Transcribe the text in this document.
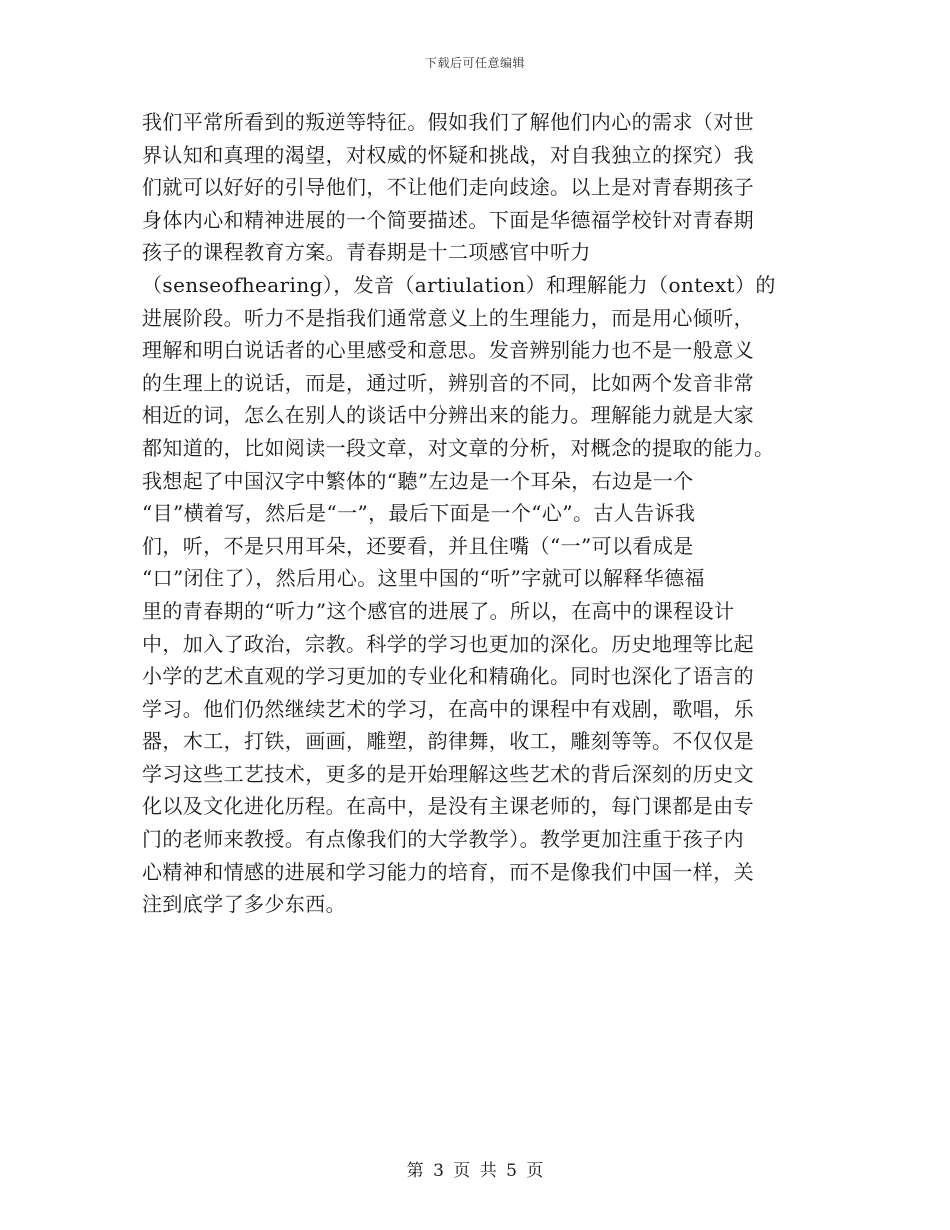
下载后可任意编辑
我们平常所看到的叛逆等特征。假如我们了解他们内心的需求（对世
界认知和真理的渴望，对权威的怀疑和挑战，对自我独立的探究）我
们就可以好好的引导他们，不让他们走向歧途。以上是对青春期孩子
身体内心和精神进展的一个简要描述。下面是华德福学校针对青春期
孩子的课程教育方案。青春期是十二项感官中听力
（senseofhearing），发音（artiulation）和理解能力（ontext）的
进展阶段。听力不是指我们通常意义上的生理能力，而是用心倾听，
理解和明白说话者的心里感受和意思。发音辨别能力也不是一般意义
的生理上的说话，而是，通过听，辨别音的不同，比如两个发音非常
相近的词，怎么在别人的谈话中分辨出来的能力。理解能力就是大家
都知道的，比如阅读一段文章，对文章的分析，对概念的提取的能力。
我想起了中国汉字中繁体的“聽”左边是一个耳朵，右边是一个
“目”横着写，然后是“一”，最后下面是一个“心”。古人告诉我
们，听，不是只用耳朵，还要看，并且住嘴（“一”可以看成是
“口”闭住了），然后用心。这里中国的“听”字就可以解释华德福
里的青春期的“听力”这个感官的进展了。所以，在高中的课程设计
中，加入了政治，宗教。科学的学习也更加的深化。历史地理等比起
小学的艺术直观的学习更加的专业化和精确化。同时也深化了语言的
学习。他们仍然继续艺术的学习，在高中的课程中有戏剧，歌唱，乐
器，木工，打铁，画画，雕塑，韵律舞，收工，雕刻等等。不仅仅是
学习这些工艺技术，更多的是开始理解这些艺术的背后深刻的历史文
化以及文化进化历程。在高中，是没有主课老师的，每门课都是由专
门的老师来教授。有点像我们的大学教学）。教学更加注重于孩子内
心精神和情感的进展和学习能力的培育，而不是像我们中国一样，关
注到底学了多少东西。
第 3 页 共 5 页
